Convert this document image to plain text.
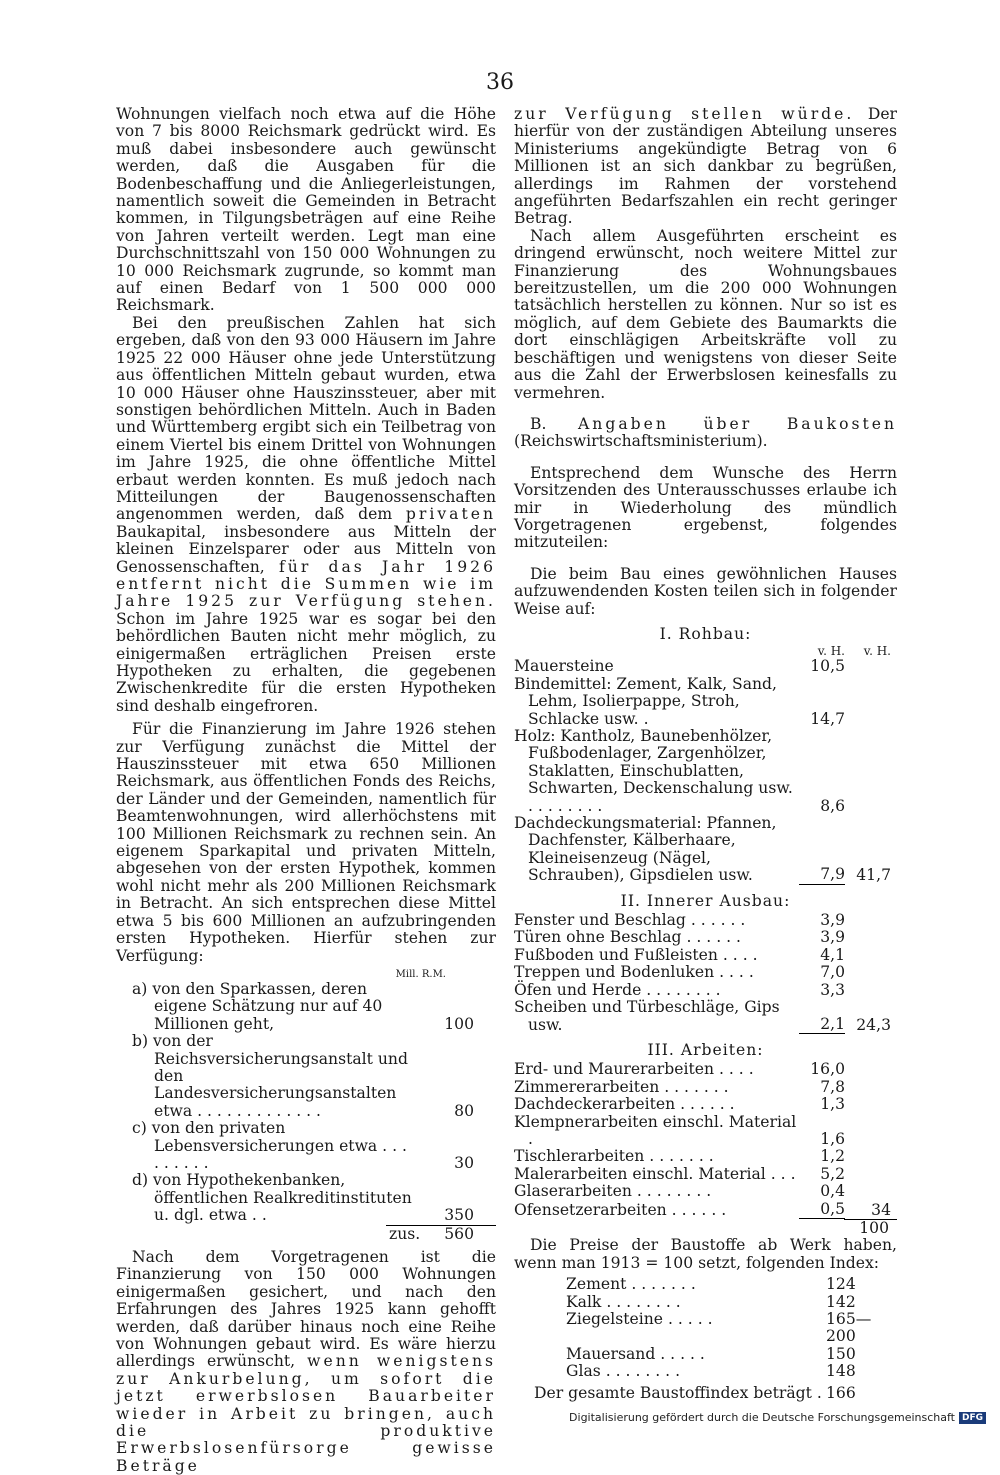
36

Wohnungen vielfach noch etwa auf die Höhe von 7 bis 8000 Reichsmark gedrückt wird. Es muß dabei insbesondere auch gewünscht werden, daß die Ausgaben für die Bodenbeschaffung und die Anliegerleistungen, namentlich soweit die Gemeinden in Betracht kommen, in Tilgungsbeträgen auf eine Reihe von Jahren verteilt werden. Legt man eine Durchschnittszahl von 150 000 Wohnungen zu 10 000 Reichsmark zugrunde, so kommt man auf einen Bedarf von 1 500 000 000 Reichsmark.

Bei den preußischen Zahlen hat sich ergeben, daß von den 93 000 Häusern im Jahre 1925 22 000 Häuser ohne jede Unterstützung aus öffentlichen Mitteln gebaut wurden, etwa 10 000 Häuser ohne Hauszinssteuer, aber mit sonstigen behördlichen Mitteln. Auch in Baden und Württemberg ergibt sich ein Teilbetrag von einem Viertel bis einem Drittel von Wohnungen im Jahre 1925, die ohne öffentliche Mittel erbaut werden konnten. Es muß jedoch nach Mitteilungen der Baugenossenschaften angenommen werden, daß dem privaten Baukapital, insbesondere aus Mitteln der kleinen Einzelsparer oder aus Mitteln von Genossenschaften, für das Jahr 1926 entfernt nicht die Summen wie im Jahre 1925 zur Verfügung stehen. Schon im Jahre 1925 war es sogar bei den behördlichen Bauten nicht mehr möglich, zu einigermaßen erträglichen Preisen erste Hypotheken zu erhalten, die gegebenen Zwischenkredite für die ersten Hypotheken sind deshalb eingefroren.

Für die Finanzierung im Jahre 1926 stehen zur Verfügung zunächst die Mittel der Hauszinssteuer mit etwa 650 Millionen Reichsmark, aus öffentlichen Fonds des Reichs, der Länder und der Gemeinden, namentlich für Beamtenwohnungen, wird allerhöchstens mit 100 Millionen Reichsmark zu rechnen sein. An eigenem Sparkapital und privaten Mitteln, abgesehen von der ersten Hypothek, kommen wohl nicht mehr als 200 Millionen Reichsmark in Betracht. An sich entsprechen diese Mittel etwa 5 bis 600 Millionen an aufzubringenden ersten Hypotheken. Hierfür stehen zur Verfügung:

Mill. R.M.
a) von den Sparkassen, deren eigene Schätzung nur auf 40 Millionen geht,	100
b) von der Reichsversicherungsanstalt und den Landesversicherungsanstalten etwa . . . . . . . . . . . . .	80
c) von den privaten Lebensversicherungen etwa . . . . . . . . .	30
d) von Hypothekenbanken, öffentlichen Realkreditinstituten u. dgl. etwa . .	350
zus. 560

Nach dem Vorgetragenen ist die Finanzierung von 150 000 Wohnungen einigermaßen gesichert, und nach den Erfahrungen des Jahres 1925 kann gehofft werden, daß darüber hinaus noch eine Reihe von Wohnungen gebaut wird. Es wäre hierzu allerdings erwünscht, wenn wenigstens zur Ankurbelung, um sofort die jetzt erwerbslosen Bauarbeiter wieder in Arbeit zu bringen, auch die produktive Erwerbslosenfürsorge gewisse Beträge

zur Verfügung stellen würde. Der hierfür von der zuständigen Abteilung unseres Ministeriums angekündigte Betrag von 6 Millionen ist an sich dankbar zu begrüßen, allerdings im Rahmen der vorstehend angeführten Bedarfszahlen ein recht geringer Betrag.

Nach allem Ausgeführten erscheint es dringend erwünscht, noch weitere Mittel zur Finanzierung des Wohnungsbaues bereitzustellen, um die 200 000 Wohnungen tatsächlich herstellen zu können. Nur so ist es möglich, auf dem Gebiete des Baumarkts die dort einschlägigen Arbeitskräfte voll zu beschäftigen und wenigstens von dieser Seite aus die Zahl der Erwerbslosen keinesfalls zu vermehren.

B. Angaben über Baukosten (Reichswirtschaftsministerium).

Entsprechend dem Wunsche des Herrn Vorsitzenden des Unterausschusses erlaube ich mir in Wiederholung des mündlich Vorgetragenen ergebenst, folgendes mitzuteilen:

Die beim Bau eines gewöhnlichen Hauses aufzuwendenden Kosten teilen sich in folgender Weise auf:

I. Rohbau:
v. H.	v. H.
Mauersteine	10,5
Bindemittel: Zement, Kalk, Sand, Lehm, Isolierpappe, Stroh, Schlacke usw. .	14,7
Holz: Kantholz, Baunebenhölzer, Fußbodenlager, Zargenhölzer, Staklatten, Einschublatten, Schwarten, Deckenschalung usw. . . . . . . . .	8,6
Dachdeckungsmaterial: Pfannen, Dachfenster, Kälberhaare, Kleineisenzeug (Nägel, Schrauben), Gipsdielen usw.	7,9 41,7
II. Innerer Ausbau:
Fenster und Beschlag . . . . . .	3,9
Türen ohne Beschlag . . . . . .	3,9
Fußboden und Fußleisten . . . .	4,1
Treppen und Bodenluken . . . .	7,0
Öfen und Herde . . . . . . . .	3,3
Scheiben und Türbeschläge, Gips usw.	2,1 24,3
III. Arbeiten:
Erd- und Maurerarbeiten . . . .	16,0
Zimmererarbeiten . . . . . . .	7,8
Dachdeckerarbeiten . . . . . .	1,3
Klempnerarbeiten einschl. Material .	1,6
Tischlerarbeiten . . . . . . .	1,2
Malerarbeiten einschl. Material . . .	5,2
Glaserarbeiten . . . . . . . .	0,4
Ofensetzerarbeiten . . . . . .	0,5	34
100

Die Preise der Baustoffe ab Werk haben, wenn man 1913 = 100 setzt, folgenden Index:

Zement . . . . . . .	124
Kalk . . . . . . . .	142
Ziegelsteine . . . . .	165—200
Mauersand . . . . .	150
Glas . . . . . . . .	148
Der gesamte Baustoffindex beträgt . 166
Digitalisierung gefördert durch die Deutsche Forschungsgemeinschaft DFG
